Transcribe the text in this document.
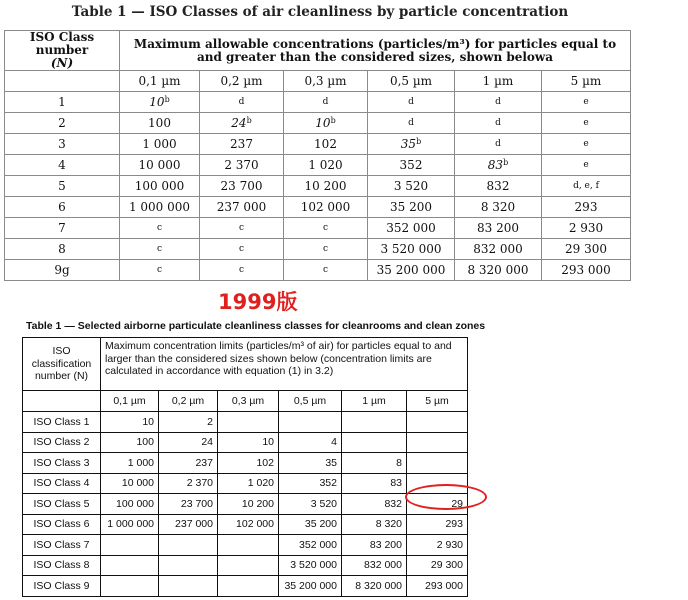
Table 1 — ISO Classes of air cleanliness by particle concentration
ISO Class number
(N)	Maximum allowable concentrations (particles/m³) for particles equal to and greater than the considered sizes, shown belowa					
	0,1 µm	0,2 µm	0,3 µm	0,5 µm	1 µm	5 µm
1	10$^b$	d	d	d	d	e
2	100	24$^b$	10$^b$	d	d	e
3	1 000	237	102	35$^b$	d	e
4	10 000	2 370	1 020	352	83$^b$	e
5	100 000	23 700	10 200	3 520	832	d, e, f
6	1 000 000	237 000	102 000	35 200	8 320	293
7	c	c	c	352 000	83 200	2 930
8	c	c	c	3 520 000	832 000	29 300
9g	c	c	c	35 200 000	8 320 000	293 000
1999版
Table 1 — Selected airborne particulate cleanliness classes for cleanrooms and clean zones
ISO classification number (N)	Maximum concentration limits (particles/m³ of air) for particles equal to and larger than the considered sizes shown below (concentration limits are calculated in accordance with equation (1) in 3.2)					
	0,1 µm	0,2 µm	0,3 µm	0,5 µm	1 µm	5 µm
ISO Class 1	10	2				
ISO Class 2	100	24	10	4		
ISO Class 3	1 000	237	102	35	8	
ISO Class 4	10 000	2 370	1 020	352	83	
ISO Class 5	100 000	23 700	10 200	3 520	832	29
ISO Class 6	1 000 000	237 000	102 000	35 200	8 320	293
ISO Class 7				352 000	83 200	2 930
ISO Class 8				3 520 000	832 000	29 300
ISO Class 9				35 200 000	8 320 000	293 000
